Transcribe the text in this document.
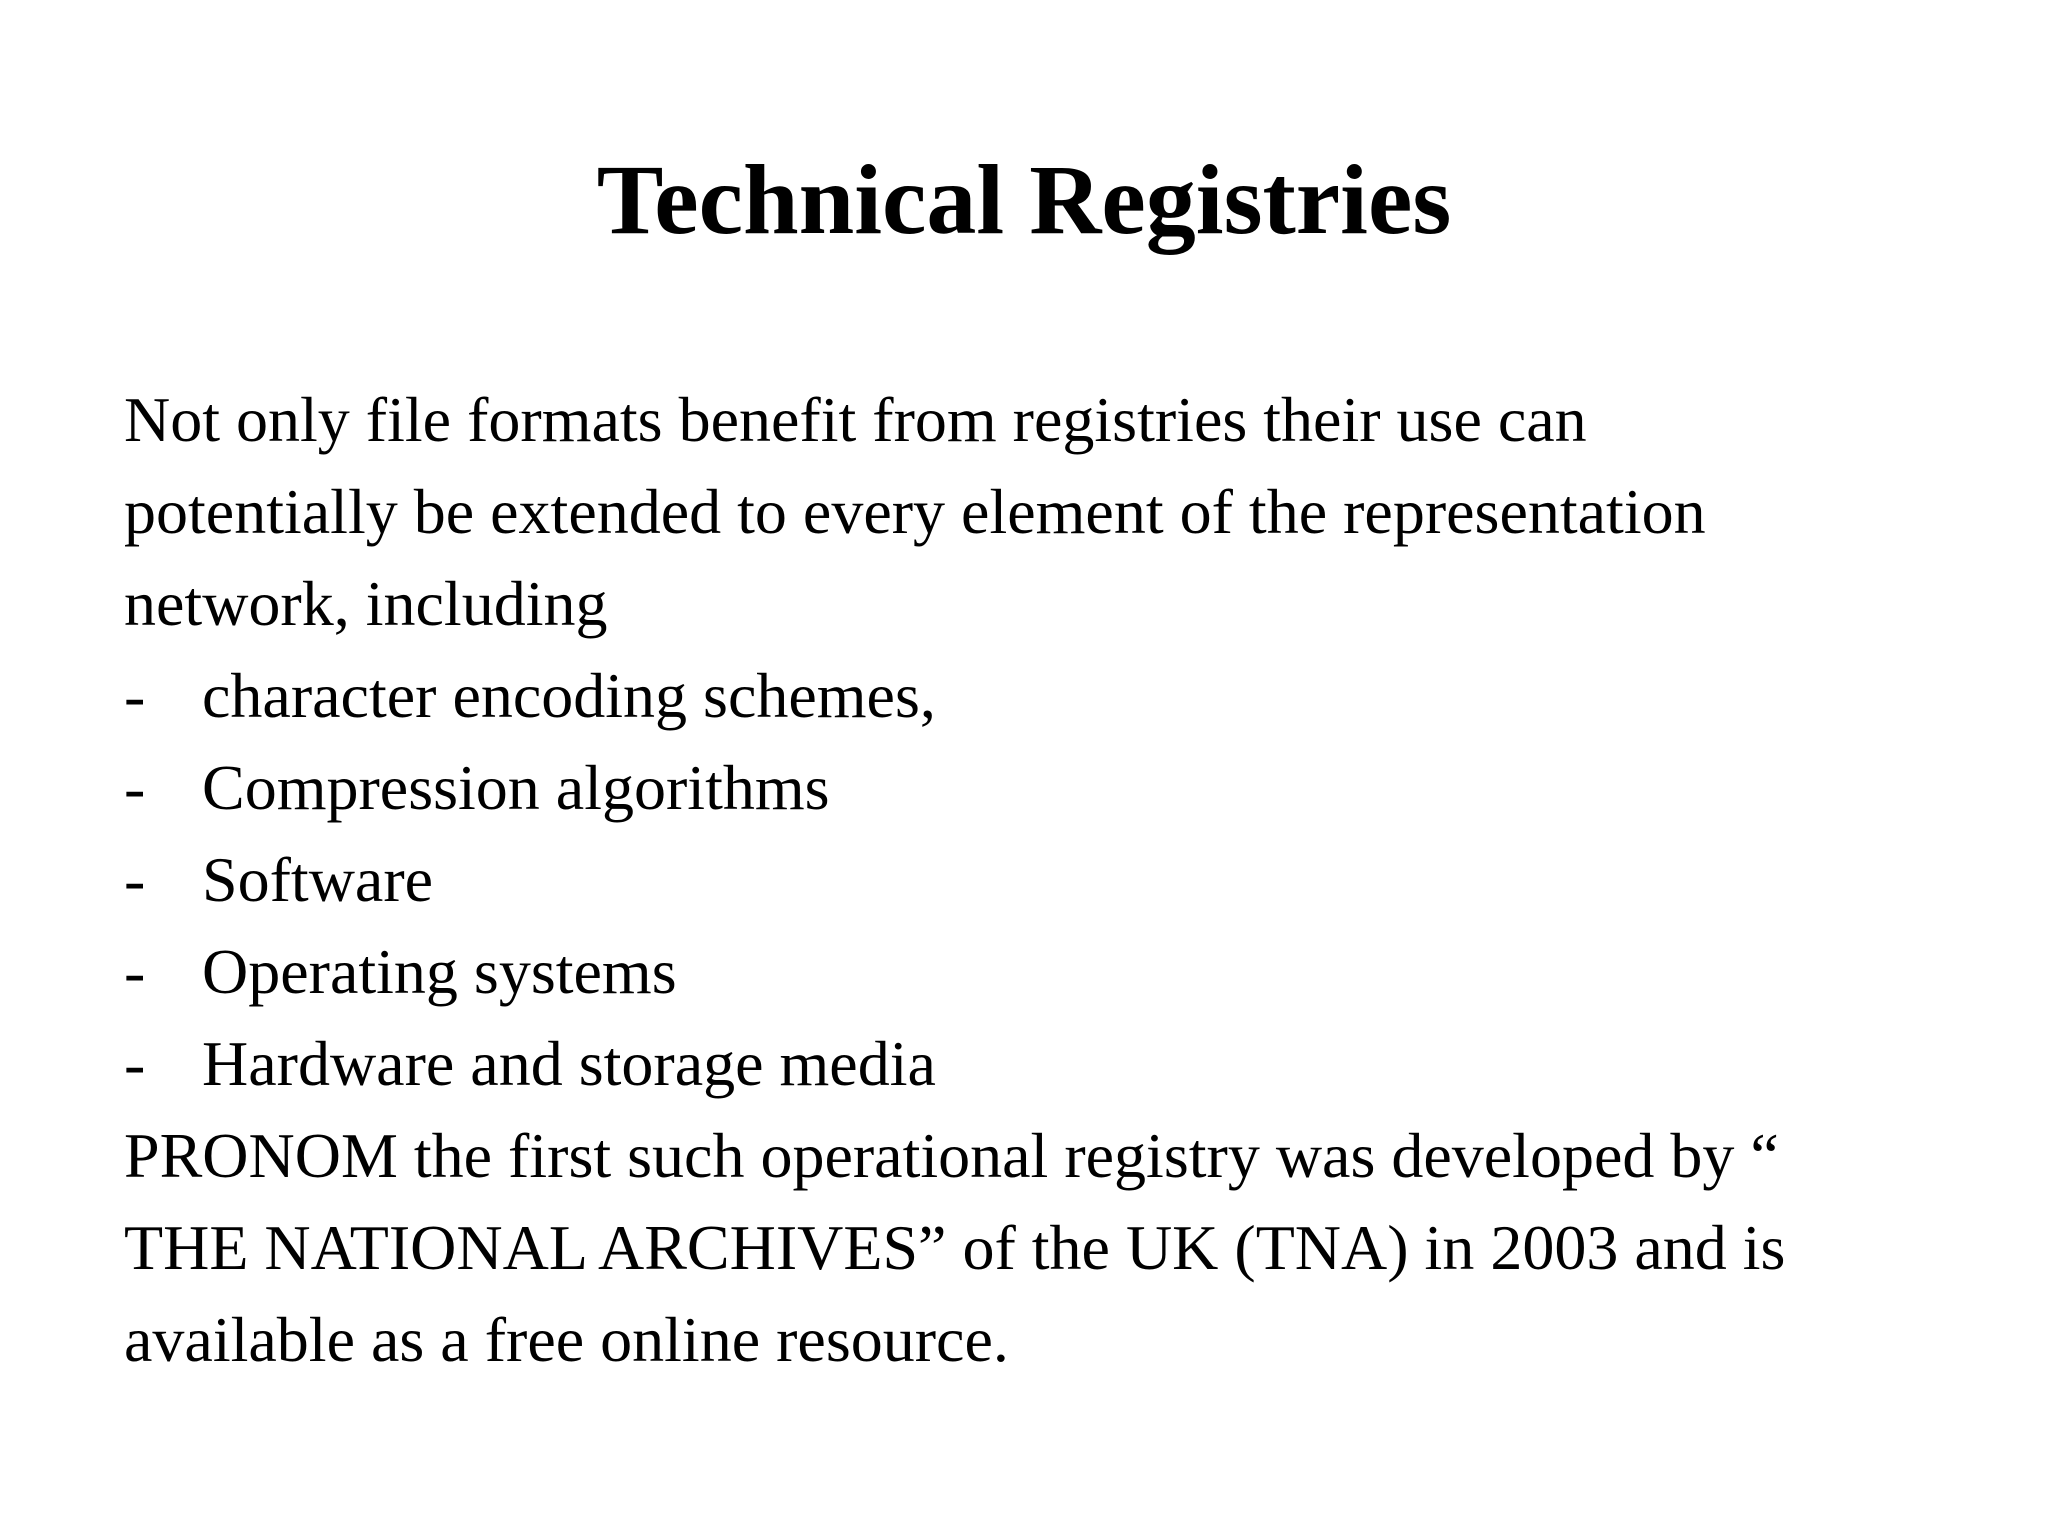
Technical Registries

Not only file formats benefit from registries their use can

potentially be extended to every element of the representation

network, including

- character encoding schemes,
- Compression algorithms
- Software
- Operating systems
- Hardware and storage media

PRONOM the first such operational registry was developed by “

THE NATIONAL ARCHIVES” of the UK (TNA) in 2003 and is

available as a free online resource.
